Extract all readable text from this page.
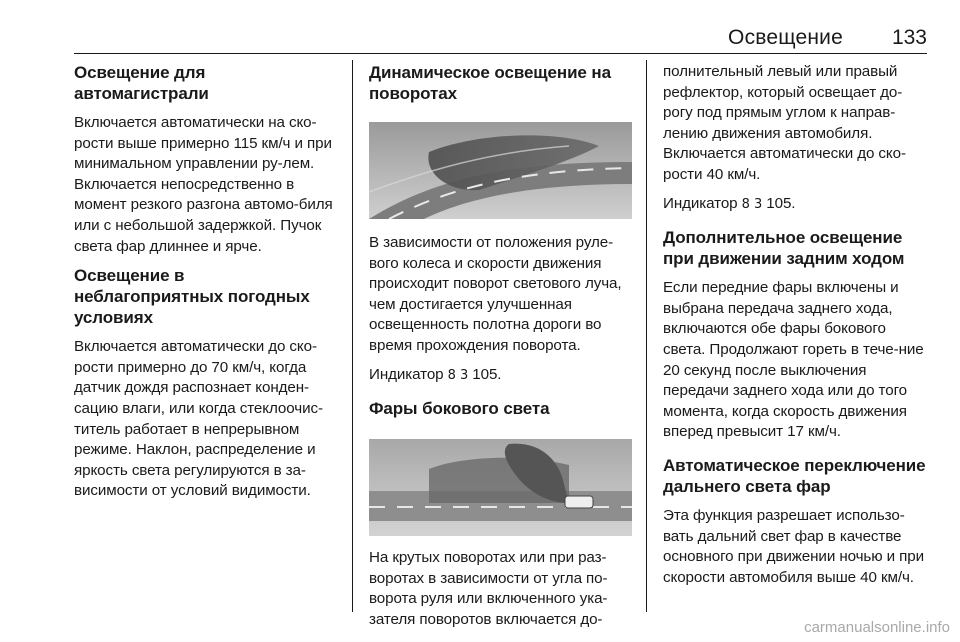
Освещение 133
Освещение для автомагистрали

Включается автоматически на ско-рости выше примерно 115 км/ч и при минимальном управлении ру-лем. Включается непосредственно в момент резкого разгона автомо-биля или с небольшой задержкой. Пучок света фар длиннее и ярче.

Освещение в неблагоприятных погодных условиях

Включается автоматически до ско-рости примерно до 70 км/ч, когда датчик дождя распознает конден-сацию влаги, или когда стеклоочис-титель работает в непрерывном режиме. Наклон, распределение и яркость света регулируются в за-висимости от условий видимости.

Динамическое освещение на поворотах

В зависимости от положения руле-вого колеса и скорости движения происходит поворот светового луча, чем достигается улучшенная освещенность полотна дороги во время прохождения поворота.

Индикатор 8 3 105.

Фары бокового света

На крутых поворотах или при раз-воротах в зависимости от угла по-ворота руля или включенного ука-зателя поворотов включается до-

полнительный левый или правый рефлектор, который освещает до-рогу под прямым углом к направ-лению движения автомобиля. Включается автоматически до ско-рости 40 км/ч.

Индикатор 8 3 105.

Дополнительное освещение при движении задним ходом

Если передние фары включены и выбрана передача заднего хода, включаются обе фары бокового света. Продолжают гореть в тече-ние 20 секунд после выключения передачи заднего хода или до того момента, когда скорость движения вперед превысит 17 км/ч.

Автоматическое переключение дальнего света фар

Эта функция разрешает использо-вать дальний свет фар в качестве основного при движении ночью и при скорости автомобиля выше 40 км/ч.

carmanualsonline.info
